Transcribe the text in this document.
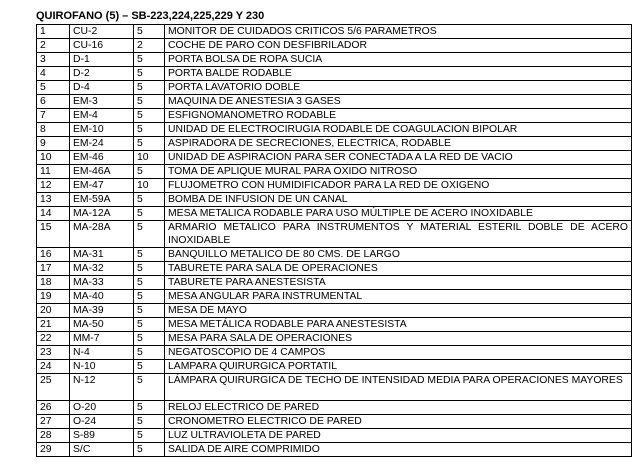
QUIROFANO (5) – SB-223,224,225,229 Y 230
1	CU-2	5	MONITOR DE CUIDADOS CRITICOS 5/6 PARAMETROS
2	CU-16	2	COCHE DE PARO CON DESFIBRILADOR
3	D-1	5	PORTA BOLSA DE ROPA SUCIA
4	D-2	5	PORTA BALDE RODABLE
5	D-4	5	PORTA LAVATORIO DOBLE
6	EM-3	5	MAQUINA DE ANESTESIA 3 GASES
7	EM-4	5	ESFIGNOMANOMETRO RODABLE
8	EM-10	5	UNIDAD DE ELECTROCIRUGIA RODABLE DE COAGULACION BIPOLAR
9	EM-24	5	ASPIRADORA DE SECRECIONES, ELECTRICA, RODABLE
10	EM-46	10	UNIDAD DE ASPIRACION PARA SER CONECTADA A LA RED DE VACIO
11	EM-46A	5	TOMA DE APLIQUE MURAL PARA OXIDO NITROSO
12	EM-47	10	FLUJOMETRO CON HUMIDIFICADOR PARA LA RED DE OXIGENO
13	EM-59A	5	BOMBA DE INFUSION DE UN CANAL
14	MA-12A	5	MESA METALICA RODABLE PARA USO MÚLTIPLE DE ACERO INOXIDABLE
15	MA-28A	5	ARMARIO METALICO PARA INSTRUMENTOS Y MATERIAL ESTERIL DOBLE DE ACERO INOXIDABLE
16	MA-31	5	BANQUILLO METALICO DE 80 CMS. DE LARGO
17	MA-32	5	TABURETE PARA SALA DE OPERACIONES
18	MA-33	5	TABURETE PARA ANESTESISTA
19	MA-40	5	MESA ANGULAR PARA INSTRUMENTAL
20	MA-39	5	MESA DE MAYO
21	MA-50	5	MESA METÁLICA RODABLE PARA ANESTESISTA
22	MM-7	5	MESA PARA SALA DE OPERACIONES
23	N-4	5	NEGATOSCOPIO DE 4 CAMPOS
24	N-10	5	LAMPARA QUIRURGICA PORTATIL
25	N-12	5	LÁMPARA QUIRURGICA DE TECHO DE INTENSIDAD MEDIA PARA OPERACIONES MAYORES
26	O-20	5	RELOJ ELECTRICO DE PARED
27	O-24	5	CRONOMETRO ELECTRICO DE PARED
28	S-89	5	LUZ ULTRAVIOLETA DE PARED
29	S/C	5	SALIDA DE AIRE COMPRIMIDO
